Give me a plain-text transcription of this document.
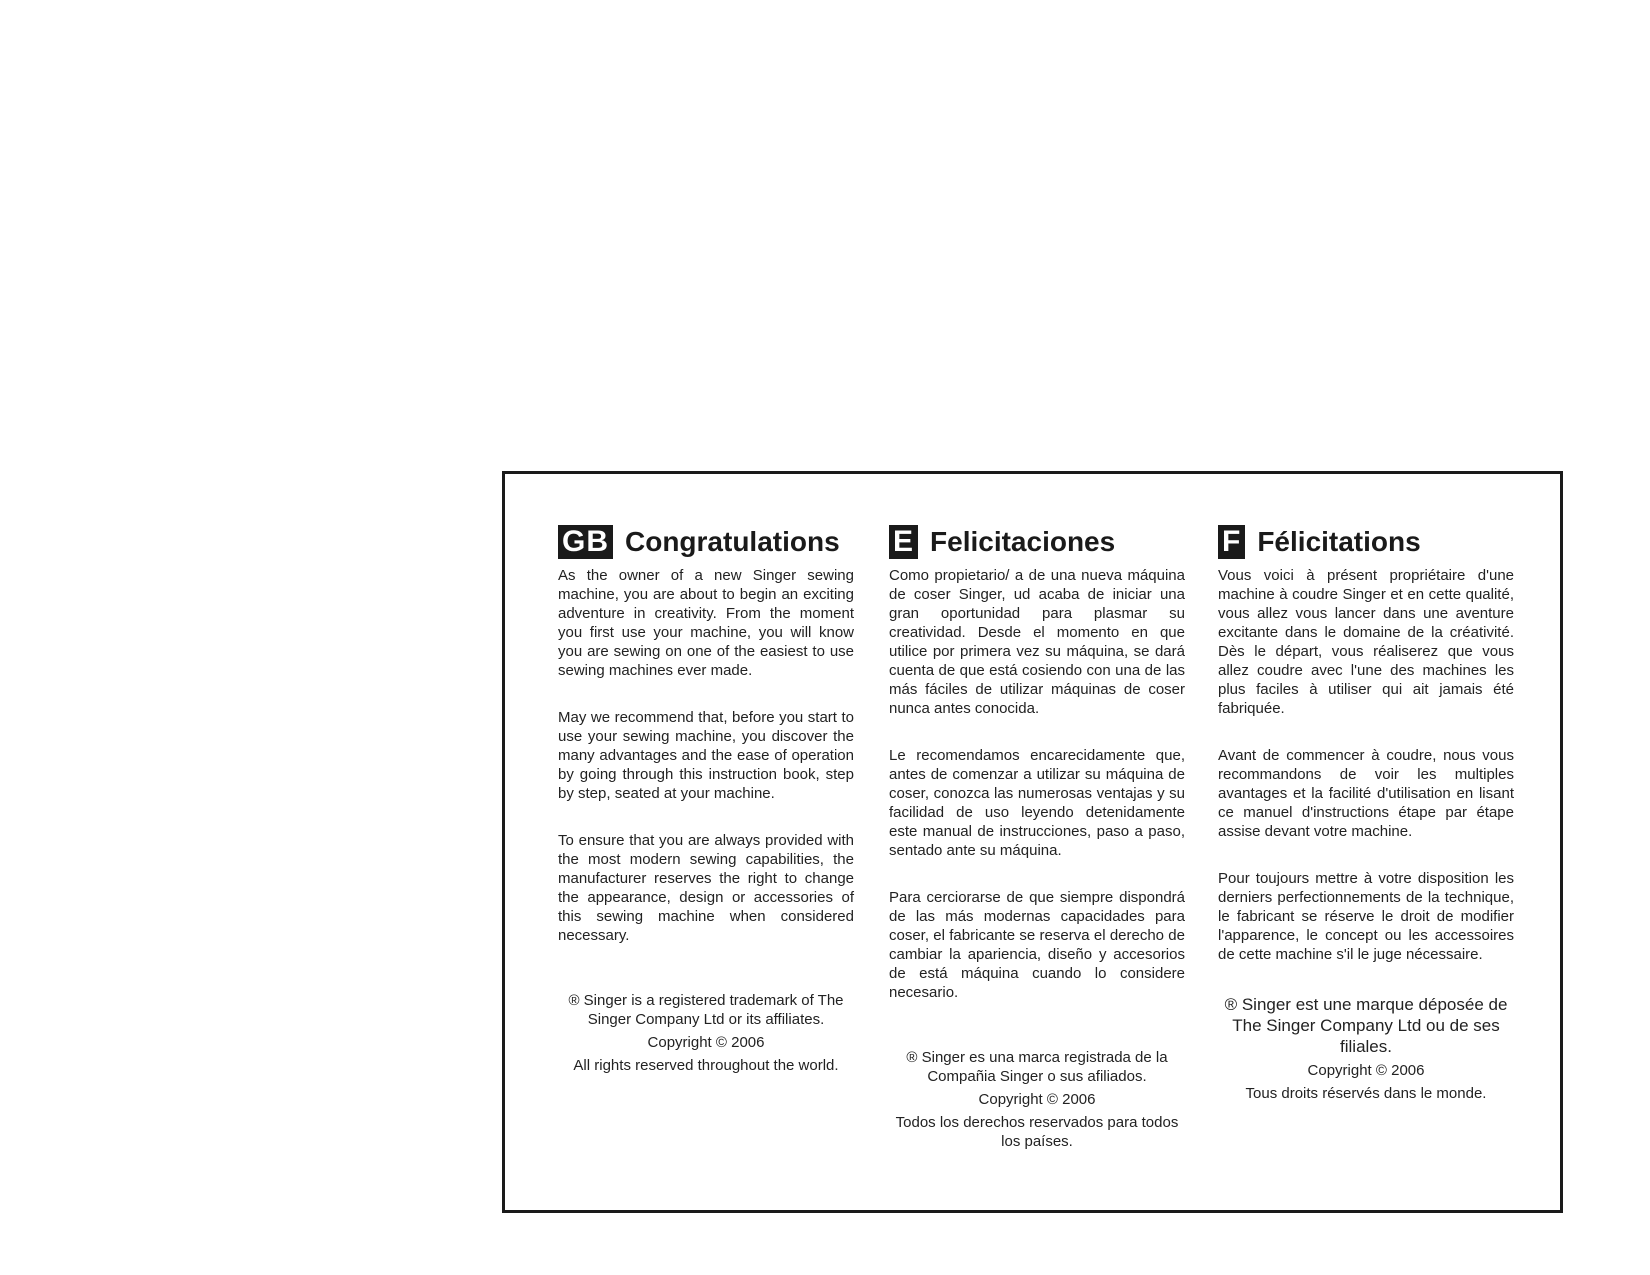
GB Congratulations

As the owner of a new Singer sewing machine, you are about to begin an exciting adventure in creativity. From the moment you first use your machine, you will know you are sewing on one of the easiest to use sewing machines ever made.

May we recommend that, before you start to use your sewing machine, you discover the many advantages and the ease of operation by going through this instruction book, step by step, seated at your machine.

To ensure that you are always provided with the most modern sewing capabilities, the manufacturer reserves the right to change the appearance, design or accessories of this sewing machine when considered necessary.

® Singer is a registered trademark of The Singer Company Ltd or its affiliates.

Copyright © 2006

All rights reserved throughout the world.

E Felicitaciones

Como propietario/ a de una nueva máquina de coser Singer, ud acaba de iniciar una gran oportunidad para plasmar su creatividad. Desde el momento en que utilice por primera vez su máquina, se dará cuenta de que está cosiendo con una de las más fáciles de utilizar máquinas de coser nunca antes conocida.

Le recomendamos encarecidamente que, antes de comenzar a utilizar su máquina de coser, conozca las numerosas ventajas y su facilidad de uso leyendo detenidamente este manual de instrucciones, paso a paso, sentado ante su máquina.

Para cerciorarse de que siempre dispondrá de las más modernas capacidades para coser, el fabricante se reserva el derecho de cambiar la apariencia, diseño y accesorios de está máquina cuando lo considere necesario.

® Singer es una marca registrada de la Compañia Singer o sus afiliados.

Copyright © 2006

Todos los derechos reservados para todos los países.

F Félicitations

Vous voici à présent propriétaire d'une machine à coudre Singer et en cette qualité, vous allez vous lancer dans une aventure excitante dans le domaine de la créativité. Dès le départ, vous réaliserez que vous allez coudre avec l'une des machines les plus faciles à utiliser qui ait jamais été fabriquée.

Avant de commencer à coudre, nous vous recommandons de voir les multiples avantages et la facilité d'utilisation en lisant ce manuel d'instructions étape par étape assise devant votre machine.

Pour toujours mettre à votre disposition les derniers perfectionnements de la technique, le fabricant se réserve le droit de modifier l'apparence, le concept ou les accessoires de cette machine s'il le juge nécessaire.

® Singer est une marque déposée de The Singer Company Ltd ou de ses filiales.

Copyright © 2006

Tous droits réservés dans le monde.
